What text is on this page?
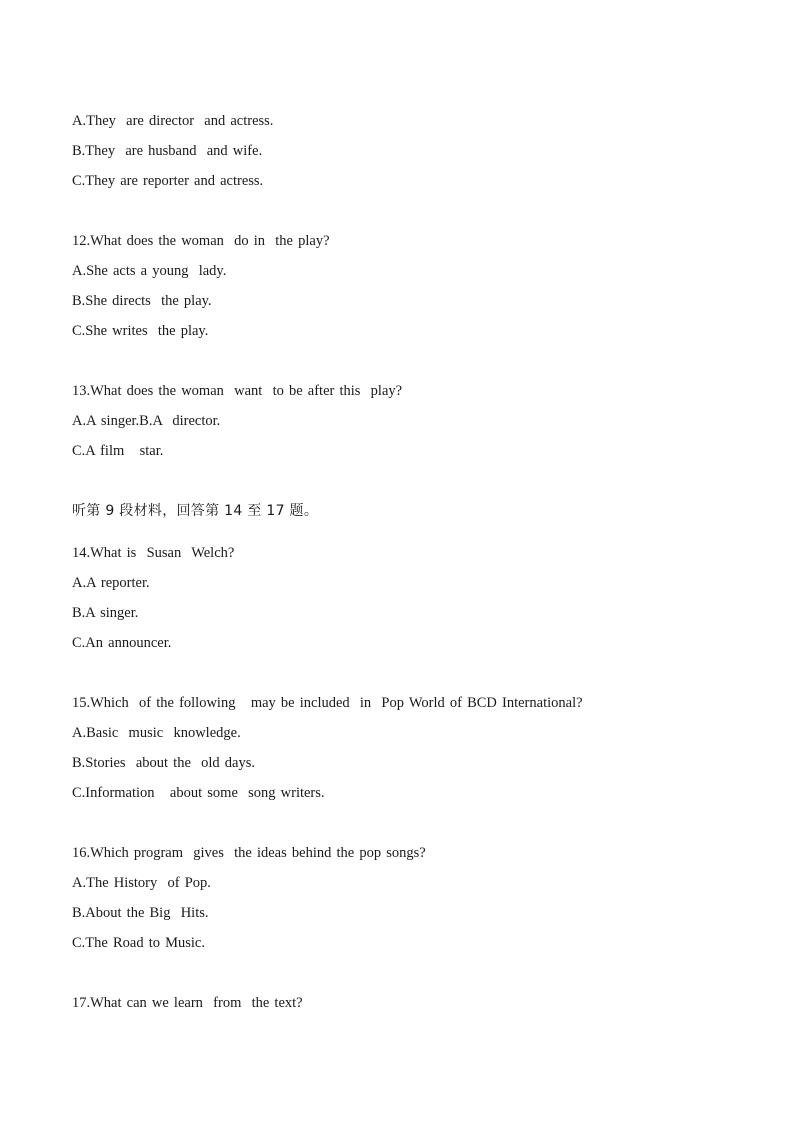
A.They  are director  and actress.
B.They  are husband  and wife.
C.They are reporter and actress.
12.What does the woman  do in  the play?
A.She acts a young  lady.
B.She directs  the play.
C.She writes  the play.
13.What does the woman  want  to be after this  play?
A.A singer.B.A  director.
C.A film   star.
听第 9 段材料，回答第 14 至 17 题。
14.What is  Susan  Welch?
A.A reporter.
B.A singer.
C.An announcer.
15.Which  of the following   may be included  in  Pop World of BCD International?
A.Basic  music  knowledge.
B.Stories  about the  old days.
C.Information   about some  song writers.
16.Which program  gives  the ideas behind the pop songs?
A.The History  of Pop.
B.About the Big  Hits.
C.The Road to Music.
17.What can we learn  from  the text?
